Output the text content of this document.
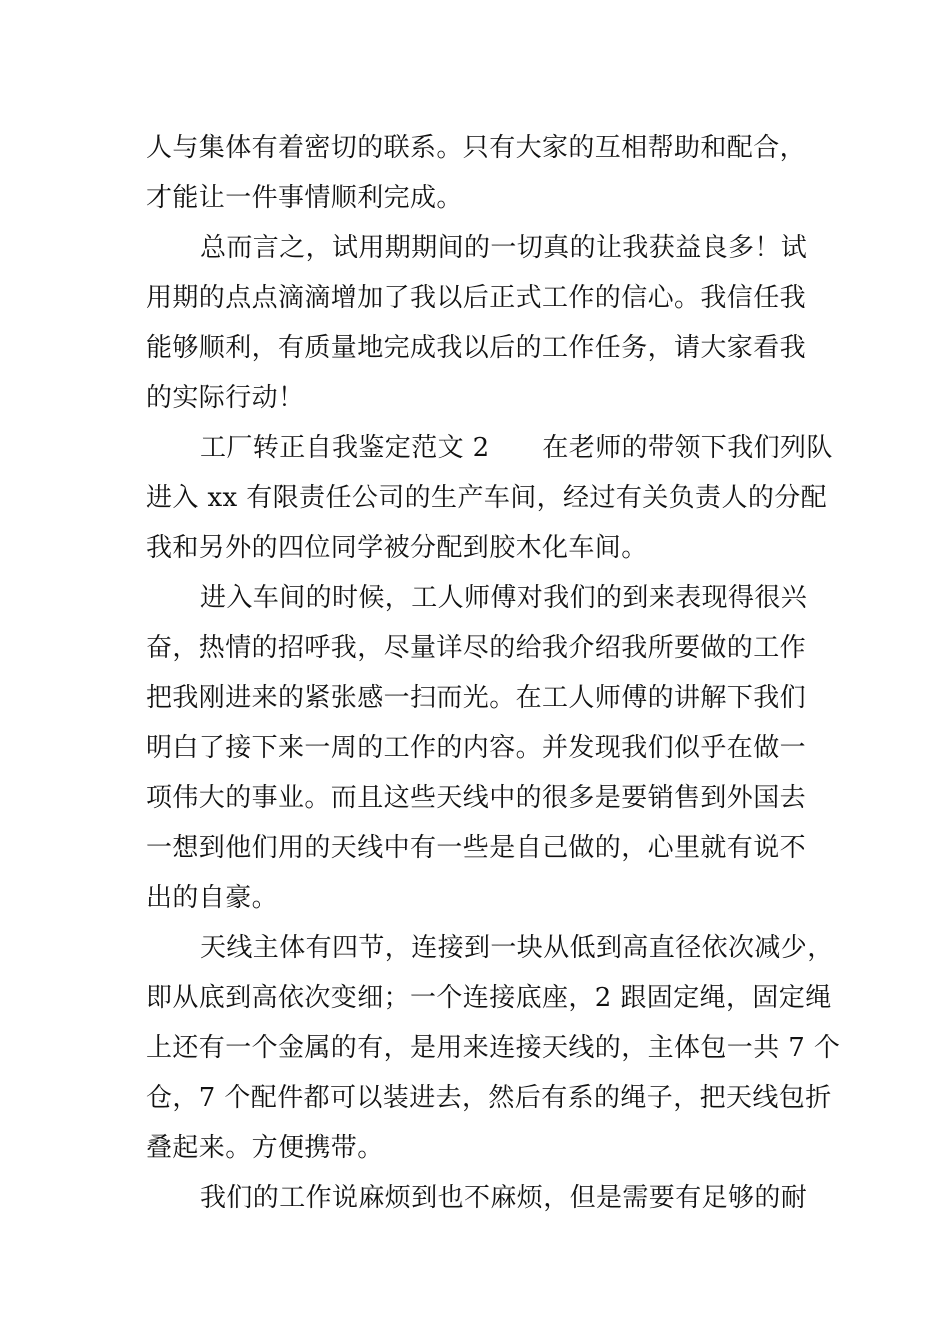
人与集体有着密切的联系。只有大家的互相帮助和配合，
才能让一件事情顺利完成。
总而言之，试用期期间的一切真的让我获益良多！试
用期的点点滴滴增加了我以后正式工作的信心。我信任我
能够顺利，有质量地完成我以后的工作任务，请大家看我
的实际行动！
工厂转正自我鉴定范文 2　　在老师的带领下我们列队
进入 xx 有限责任公司的生产车间，经过有关负责人的分配
我和另外的四位同学被分配到胶木化车间。
进入车间的时候，工人师傅对我们的到来表现得很兴
奋，热情的招呼我，尽量详尽的给我介绍我所要做的工作
把我刚进来的紧张感一扫而光。在工人师傅的讲解下我们
明白了接下来一周的工作的内容。并发现我们似乎在做一
项伟大的事业。而且这些天线中的很多是要销售到外国去
一想到他们用的天线中有一些是自己做的，心里就有说不
出的自豪。
天线主体有四节，连接到一块从低到高直径依次减少，
即从底到高依次变细；一个连接底座，2 跟固定绳，固定绳
上还有一个金属的有，是用来连接天线的，主体包一共 7 个
仓，7 个配件都可以装进去，然后有系的绳子，把天线包折
叠起来。方便携带。
我们的工作说麻烦到也不麻烦，但是需要有足够的耐
